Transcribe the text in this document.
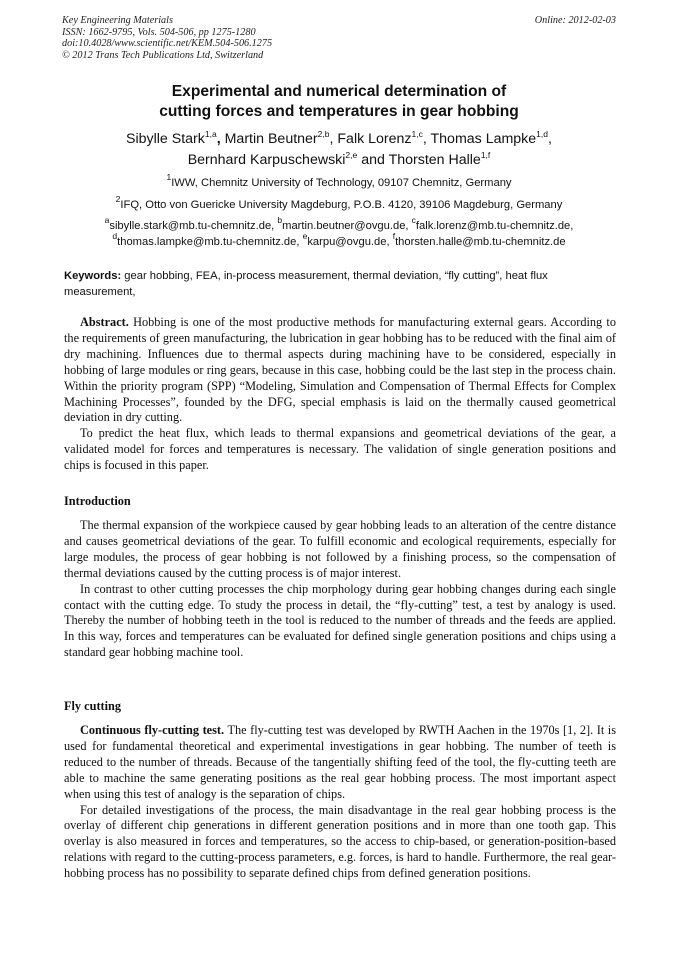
Key Engineering Materials
ISSN: 1662-9795, Vols. 504-506, pp 1275-1280
doi:10.4028/www.scientific.net/KEM.504-506.1275
© 2012 Trans Tech Publications Ltd, Switzerland
Online: 2012-02-03
Experimental and numerical determination of
cutting forces and temperatures in gear hobbing
Sibylle Stark$^{1,a}$, Martin Beutner$^{2,b}$, Falk Lorenz$^{1,c}$, Thomas Lampke$^{1,d}$,
Bernhard Karpuschewski$^{2,e}$ and Thorsten Halle$^{1,f}$
$^1$IWW, Chemnitz University of Technology, 09107 Chemnitz, Germany
$^2$IFQ, Otto von Guericke University Magdeburg, P.O.B. 4120, 39106 Magdeburg, Germany
$^a$sibylle.stark@mb.tu-chemnitz.de, $^b$martin.beutner@ovgu.de, $^c$falk.lorenz@mb.tu-chemnitz.de,
$^d$thomas.lampke@mb.tu-chemnitz.de, $^e$karpu@ovgu.de, $^f$thorsten.halle@mb.tu-chemnitz.de
Keywords: gear hobbing, FEA, in-process measurement, thermal deviation, “fly cutting”, heat flux measurement,

Abstract. Hobbing is one of the most productive methods for manufacturing external gears. According to the requirements of green manufacturing, the lubrication in gear hobbing has to be reduced with the final aim of dry machining. Influences due to thermal aspects during machining have to be considered, especially in hobbing of large modules or ring gears, because in this case, hobbing could be the last step in the process chain. Within the priority program (SPP) “Modeling, Simulation and Compensation of Thermal Effects for Complex Machining Processes”, founded by the DFG, special emphasis is laid on the thermally caused geometrical deviation in dry cutting.

To predict the heat flux, which leads to thermal expansions and geometrical deviations of the gear, a validated model for forces and temperatures is necessary. The validation of single generation positions and chips is focused in this paper.

Introduction

The thermal expansion of the workpiece caused by gear hobbing leads to an alteration of the centre distance and causes geometrical deviations of the gear. To fulfill economic and ecological requirements, especially for large modules, the process of gear hobbing is not followed by a finishing process, so the compensation of thermal deviations caused by the cutting process is of major interest.

In contrast to other cutting processes the chip morphology during gear hobbing changes during each single contact with the cutting edge. To study the process in detail, the “fly-cutting” test, a test by analogy is used. Thereby the number of hobbing teeth in the tool is reduced to the number of threads and the feeds are applied. In this way, forces and temperatures can be evaluated for defined single generation positions and chips using a standard gear hobbing machine tool.

Fly cutting

Continuous fly-cutting test. The fly-cutting test was developed by RWTH Aachen in the 1970s [1, 2]. It is used for fundamental theoretical and experimental investigations in gear hobbing. The number of teeth is reduced to the number of threads. Because of the tangentially shifting feed of the tool, the fly-cutting teeth are able to machine the same generating positions as the real gear hobbing process. The most important aspect when using this test of analogy is the separation of chips.

For detailed investigations of the process, the main disadvantage in the real gear hobbing process is the overlay of different chip generations in different generation positions and in more than one tooth gap. This overlay is also measured in forces and temperatures, so the access to chip-based, or generation-position-based relations with regard to the cutting-process parameters, e.g. forces, is hard to handle. Furthermore, the real gear-hobbing process has no possibility to separate defined chips from defined generation positions.
